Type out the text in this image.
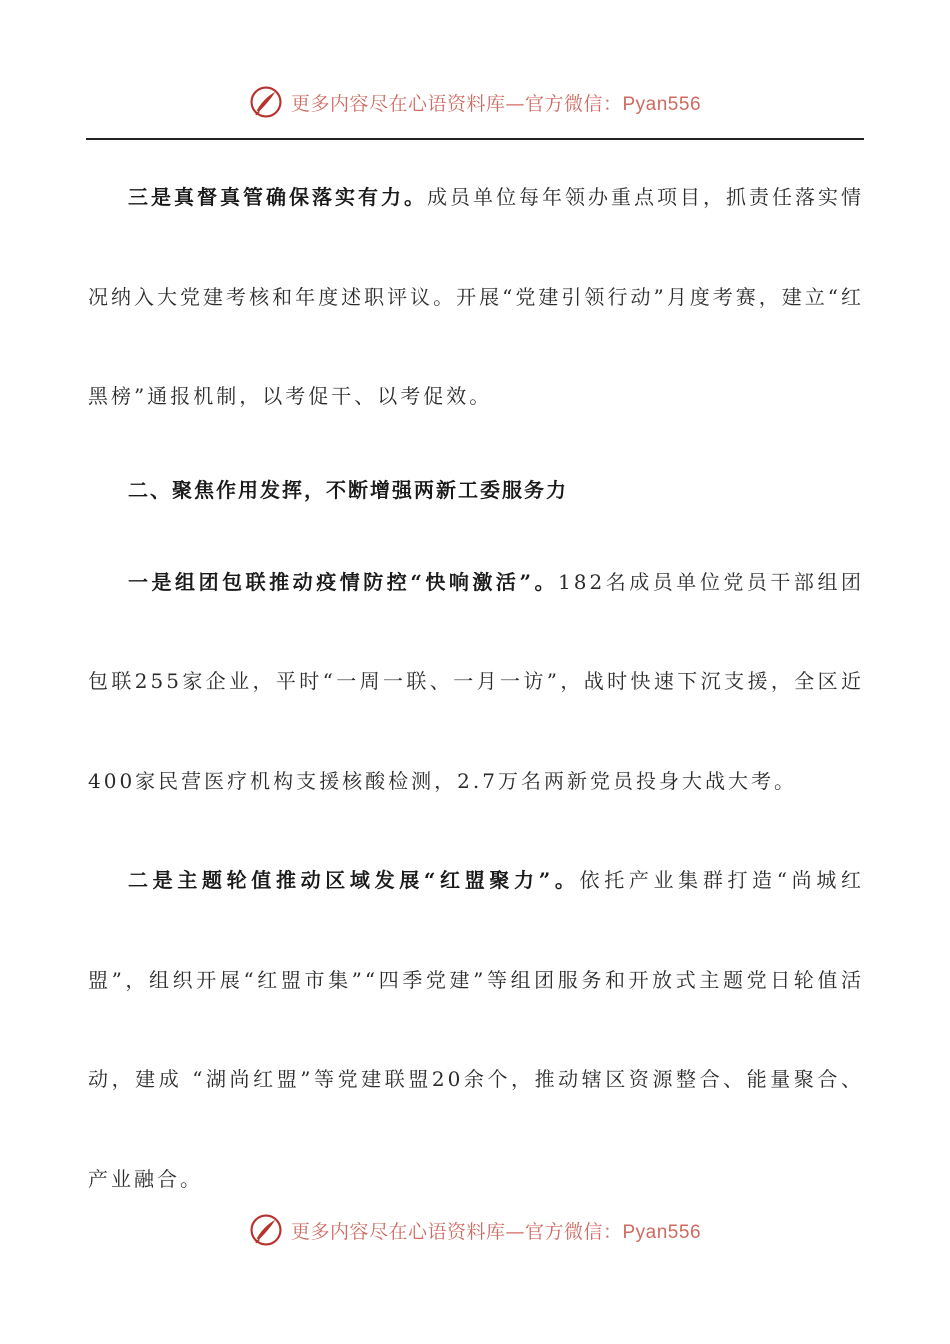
更多内容尽在心语资料库—官方微信：Pyan556

三是真督真管确保落实有力。成员单位每年领办重点项目，抓责任落实情况纳入大党建考核和年度述职评议。开展“党建引领行动”月度考赛，建立“红黑榜”通报机制，以考促干、以考促效。

二、聚焦作用发挥，不断增强两新工委服务力

一是组团包联推动疫情防控“快响激活”。182名成员单位党员干部组团包联255家企业，平时“一周一联、一月一访”，战时快速下沉支援，全区近400家民营医疗机构支援核酸检测，2.7万名两新党员投身大战大考。

二是主题轮值推动区域发展“红盟聚力”。依托产业集群打造“尚城红盟”，组织开展“红盟市集”“四季党建”等组团服务和开放式主题党日轮值活动，建成 “湖尚红盟”等党建联盟20余个，推动辖区资源整合、能量聚合、产业融合。

更多内容尽在心语资料库—官方微信：Pyan556
